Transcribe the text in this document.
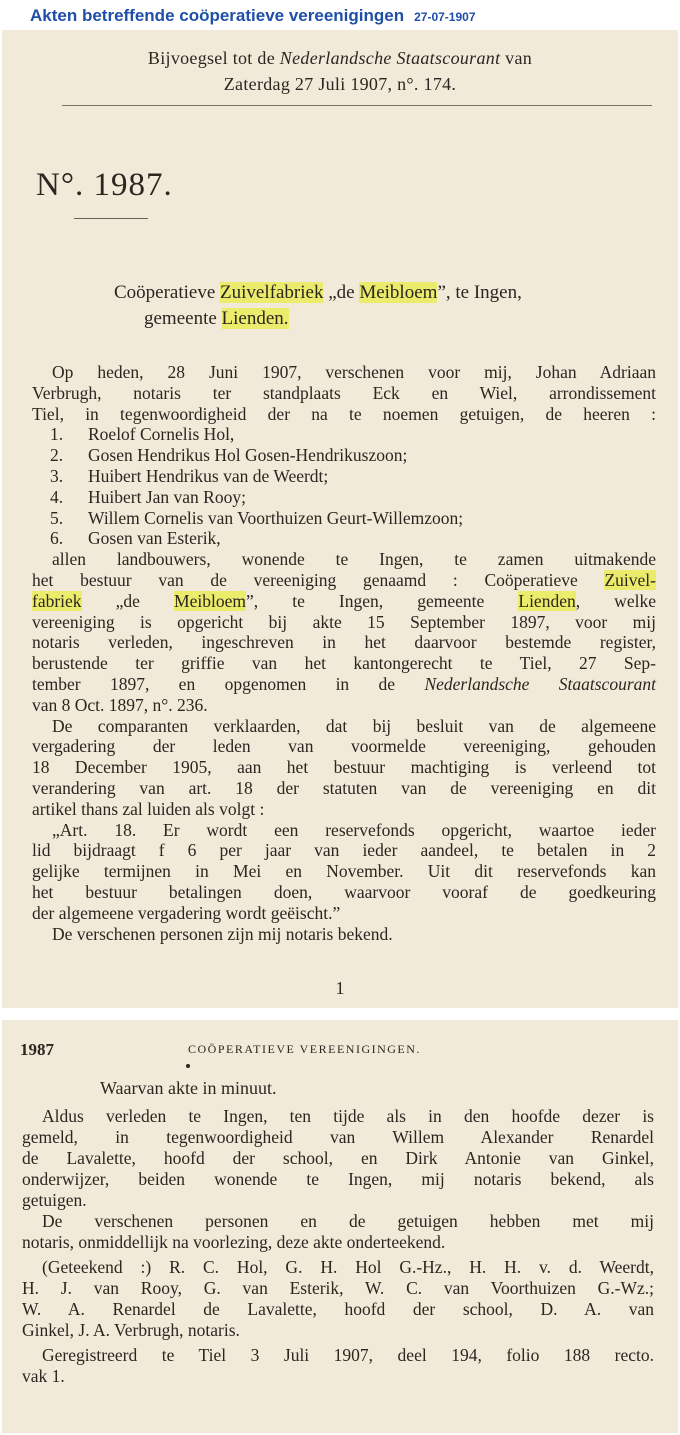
Akten betreffende coöperatieve vereenigingen 27-07-1907
Bijvoegsel tot de Nederlandsche Staatscourant van
Zaterdag 27 Juli 1907, n°. 174.
N°. 1987.
Coöperatieve Zuivelfabriek „de Meibloem”, te Ingen,
gemeente Lienden.

Op heden, 28 Juni 1907, verschenen voor mij, Johan Adriaan
Verbrugh, notaris ter standplaats Eck en Wiel, arrondissement
Tiel, in tegenwoordigheid der na te noemen getuigen, de heeren :

1. Roelof Cornelis Hol,
2. Gosen Hendrikus Hol Gosen-Hendrikuszoon;
3. Huibert Hendrikus van de Weerdt;
4. Huibert Jan van Rooy;
5. Willem Cornelis van Voorthuizen Geurt-Willemzoon;
6. Gosen van Esterik,

allen landbouwers, wonende te Ingen, te zamen uitmakende
het bestuur van de vereeniging genaamd : Coöperatieve Zuivel-
fabriek „de Meibloem”, te Ingen, gemeente Lienden, welke
vereeniging is opgericht bij akte 15 September 1897, voor mij
notaris verleden, ingeschreven in het daarvoor bestemde register,
berustende ter griffie van het kantongerecht te Tiel, 27 Sep-
tember 1897, en opgenomen in de Nederlandsche Staatscourant
van 8 Oct. 1897, n°. 236.

De comparanten verklaarden, dat bij besluit van de algemeene
vergadering der leden van voormelde vereeniging, gehouden
18 December 1905, aan het bestuur machtiging is verleend tot
verandering van art. 18 der statuten van de vereeniging en dit
artikel thans zal luiden als volgt :

„Art. 18. Er wordt een reservefonds opgericht, waartoe ieder
lid bijdraagt f 6 per jaar van ieder aandeel, te betalen in 2
gelijke termijnen in Mei en November. Uit dit reservefonds kan
het bestuur betalingen doen, waarvoor vooraf de goedkeuring
der algemeene vergadering wordt geëischt.”

De verschenen personen zijn mij notaris bekend.

1
1987	COÖPERATIEVE VEREENIGINGEN.
Waarvan akte in minuut.

Aldus verleden te Ingen, ten tijde als in den hoofde dezer is
gemeld, in tegenwoordigheid van Willem Alexander Renardel
de Lavalette, hoofd der school, en Dirk Antonie van Ginkel,
onderwijzer, beiden wonende te Ingen, mij notaris bekend, als
getuigen.

De verschenen personen en de getuigen hebben met mij
notaris, onmiddellijk na voorlezing, deze akte onderteekend.

(Geteekend :) R. C. Hol, G. H. Hol G.-Hz., H. H. v. d. Weerdt,
H. J. van Rooy, G. van Esterik, W. C. van Voorthuizen G.-Wz.;
W. A. Renardel de Lavalette, hoofd der school, D. A. van
Ginkel, J. A. Verbrugh, notaris.

Geregistreerd te Tiel 3 Juli 1907, deel 194, folio 188 recto.
vak 1.
